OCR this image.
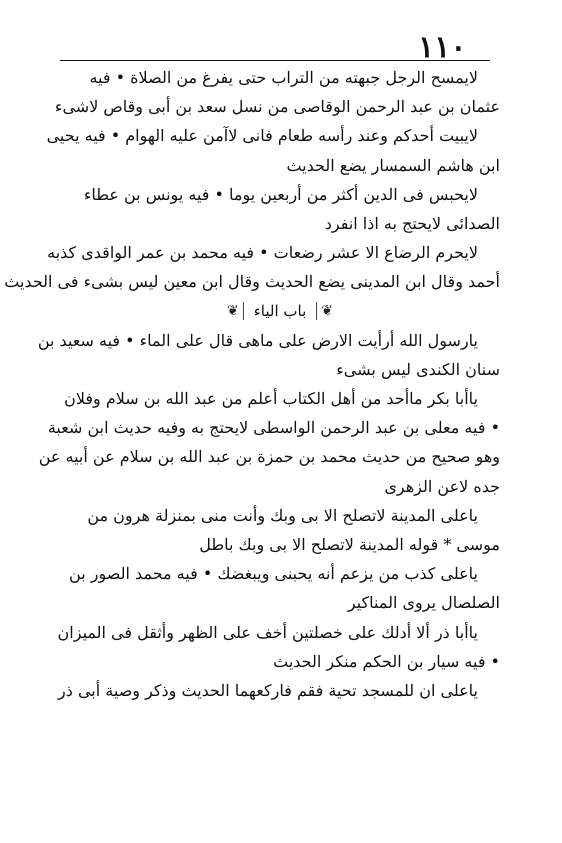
١١٠
لايمسح الرجل جبهته من التراب حتى يفرغ من الصلاة • فيه
عثمان بن عبد الرحمن الوقاصى من نسل سعد بن أبى وقاص لاشىء
لايبيت أحدكم وعند رأسه طعام فانى لاآمن عليه الهوام • فيه يحيى
ابن هاشم السمسار يضع الحديث
لايحبس فى الدين أكثر من أربعين يوما • فيه يونس بن عطاء
الصدائى لايحتج به اذا انفرد
لايحرم الرضاع الا عشر رضعات • فيه محمد بن عمر الواقدى كذبه
أحمد وقال ابن المدينى يضع الحديث وقال ابن معين ليس بشىء فى الحديث
❦
باب الياء
❦
يارسول الله أرأيت الارض على ماهى قال على الماء • فيه سعيد بن
سنان الكندى ليس بشىء
ياأبا بكر ماأحد من أهل الكتاب أعلم من عبد الله بن سلام وفلان
• فيه معلى بن عبد الرحمن الواسطى لايحتج به وفيه حديث ابن شعبة
وهو صحيح من حديث محمد بن حمزة بن عبد الله بن سلام عن أبيه عن
جده لاعن الزهرى
ياعلى المدينة لاتصلح الا بى وبك وأنت منى بمنزلة هرون من
موسى * قوله المدينة لاتصلح الا بى وبك باطل
ياعلى كذب من يزعم أنه يحبنى ويبغضك • فيه محمد الصور بن
الصلصال يروى المناكير
ياأبا ذر ألا أدلك على خصلتين أخف على الظهر وأثقل فى الميزان
• فيه سيار بن الحكم منكر الحديث
ياعلى ان للمسجد تحية فقم فاركعهما الحديث وذكر وصية أبى ذر
